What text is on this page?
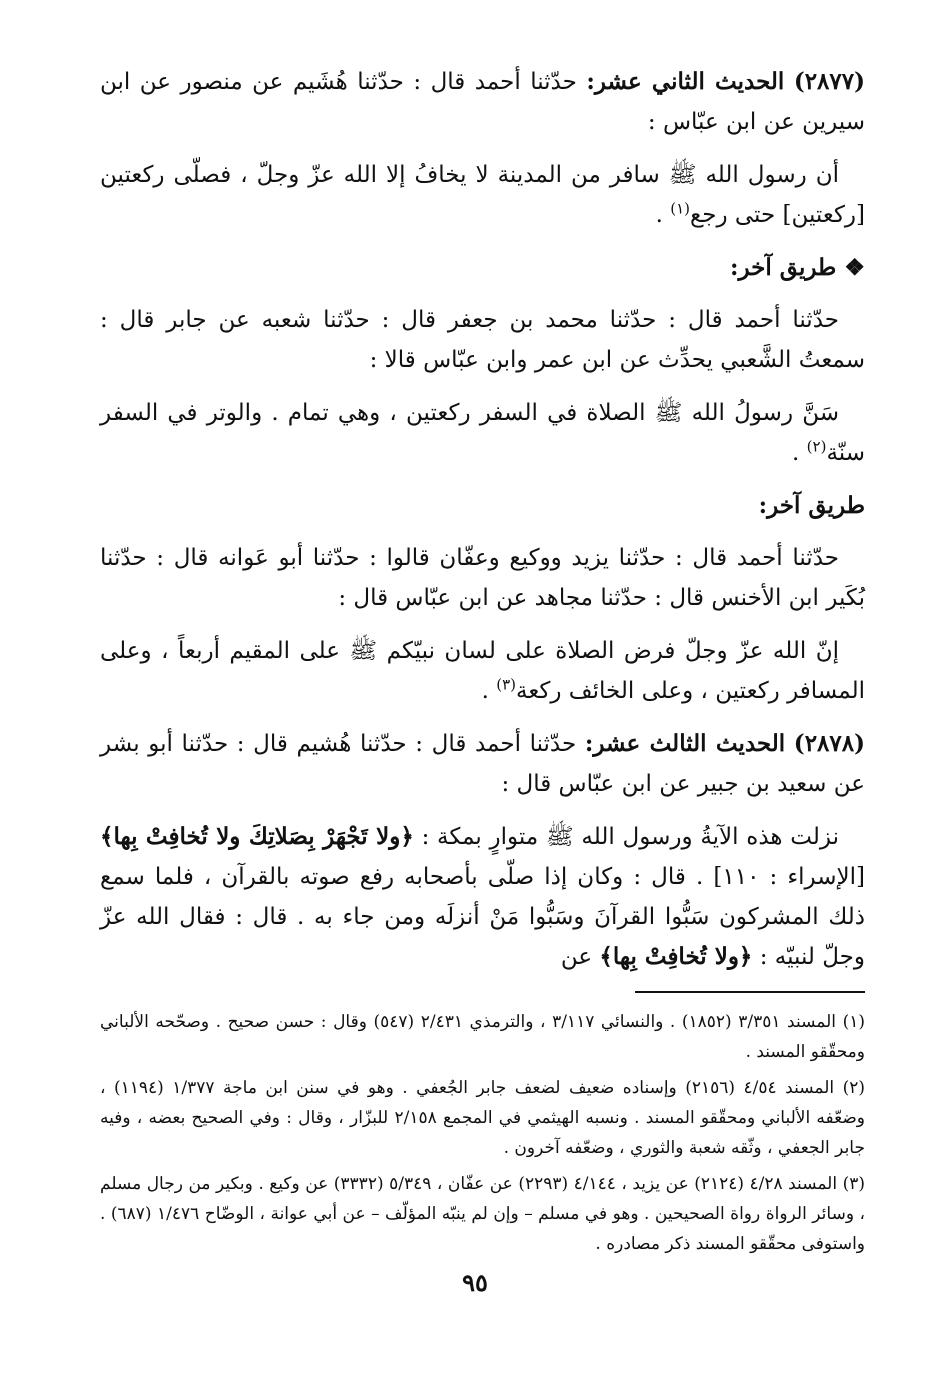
(٢٨٧٧) الحديث الثاني عشر: حدّثنا أحمد قال : حدّثنا هُشَيم عن منصور عن ابن سيرين عن ابن عبّاس :

أن رسول الله ﷺ سافر من المدينة لا يخافُ إلا الله عزّ وجلّ ، فصلّى ركعتين [ركعتين] حتى رجع$^{(١)}$ .

❖ طريق آخر:

حدّثنا أحمد قال : حدّثنا محمد بن جعفر قال : حدّثنا شعبه عن جابر قال : سمعتُ الشَّعبي يحدِّث عن ابن عمر وابن عبّاس قالا :

سَنَّ رسولُ الله ﷺ الصلاة في السفر ركعتين ، وهي تمام . والوتر في السفر سنّة$^{(٢)}$ .

طريق آخر:

حدّثنا أحمد قال : حدّثنا يزيد ووكيع وعفّان قالوا : حدّثنا أبو عَوانه قال : حدّثنا بُكَير ابن الأخنس قال : حدّثنا مجاهد عن ابن عبّاس قال :

إنّ الله عزّ وجلّ فرض الصلاة على لسان نبيّكم ﷺ على المقيم أربعاً ، وعلى المسافر ركعتين ، وعلى الخائف ركعة$^{(٣)}$ .

(٢٨٧٨) الحديث الثالث عشر: حدّثنا أحمد قال : حدّثنا هُشيم قال : حدّثنا أبو بشر عن سعيد بن جبير عن ابن عبّاس قال :

نزلت هذه الآيةُ ورسول الله ﷺ متوارٍ بمكة : ﴿ولا تَجْهَرْ بِصَلاتِكَ ولا تُخافِتْ بِها﴾ [الإسراء : ١١٠] . قال : وكان إذا صلّى بأصحابه رفع صوته بالقرآن ، فلما سمع ذلك المشركون سَبُّوا القرآنَ وسَبُّوا مَنْ أنزلَه ومن جاء به . قال : فقال الله عزّ وجلّ لنبيّه : ﴿ولا تُخافِتْ بِها﴾ عن

(١) المسند ٣/٣٥١ (١٨٥٢) . والنسائي ٣/١١٧ ، والترمذي ٢/٤٣١ (٥٤٧) وقال : حسن صحيح . وصحّحه الألباني ومحقّقو المسند .

(٢) المسند ٤/٥٤ (٢١٥٦) وإسناده ضعيف لضعف جابر الجُعفي . وهو في سنن ابن ماجة ١/٣٧٧ (١١٩٤) ، وضعّفه الألباني ومحقّقو المسند . ونسبه الهيثمي في المجمع ٢/١٥٨ للبزّار ، وقال : وفي الصحيح بعضه ، وفيه جابر الجعفي ، وثّقه شعبة والثوري ، وضعّفه آخرون .

(٣) المسند ٤/٢٨ (٢١٢٤) عن يزيد ، ٤/١٤٤ (٢٢٩٣) عن عفّان ، ٥/٣٤٩ (٣٣٣٢) عن وكيع . وبكير من رجال مسلم ، وسائر الرواة رواة الصحيحين . وهو في مسلم – وإن لم ينبّه المؤلّف – عن أبي عوانة ، الوضّاح ١/٤٧٦ (٦٨٧) . واستوفى محقّقو المسند ذكر مصادره .

٩٥
